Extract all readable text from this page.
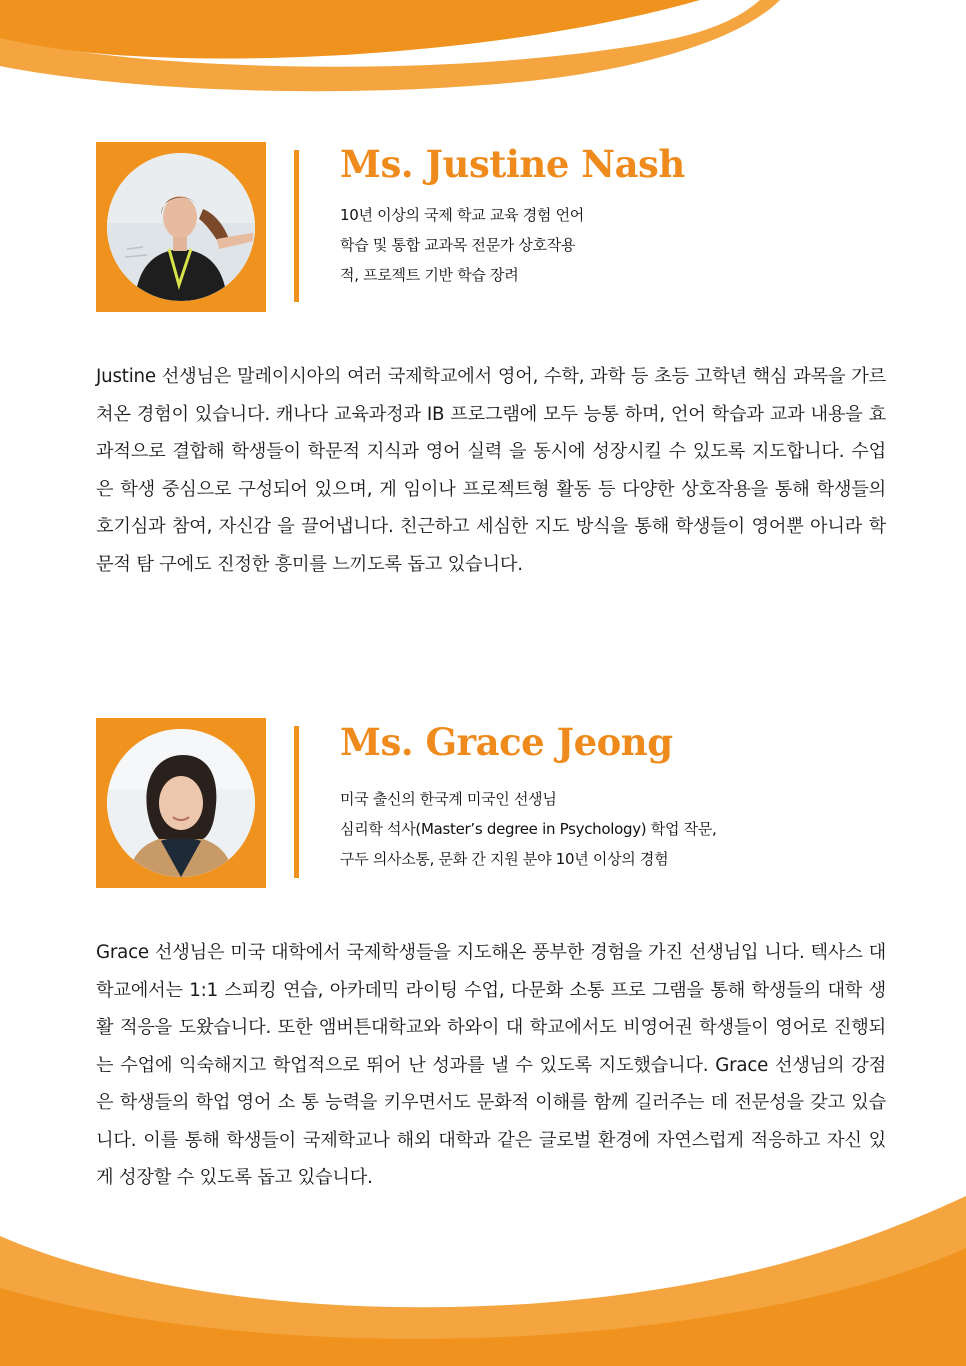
Ms. Justine Nash
10년 이상의 국제 학교 교육 경험 언어
학습 및 통합 교과목 전문가 상호작용
적, 프로젝트 기반 학습 장려

Justine 선생님은 말레이시아의 여러 국제학교에서 영어, 수학, 과학 등 초등 고학년 핵심 과목을 가르쳐온 경험이 있습니다. 캐나다 교육과정과 IB 프로그램에 모두 능통 하며, 언어 학습과 교과 내용을 효과적으로 결합해 학생들이 학문적 지식과 영어 실력 을 동시에 성장시킬 수 있도록 지도합니다. 수업은 학생 중심으로 구성되어 있으며, 게 임이나 프로젝트형 활동 등 다양한 상호작용을 통해 학생들의 호기심과 참여, 자신감 을 끌어냅니다. 친근하고 세심한 지도 방식을 통해 학생들이 영어뿐 아니라 학문적 탐 구에도 진정한 흥미를 느끼도록 돕고 있습니다.

Ms. Grace Jeong
미국 출신의 한국계 미국인 선생님
심리학 석사(Master’s degree in Psychology) 학업 작문,
구두 의사소통, 문화 간 지원 분야 10년 이상의 경험

Grace 선생님은 미국 대학에서 국제학생들을 지도해온 풍부한 경험을 가진 선생님입 니다. 텍사스 대학교에서는 1:1 스피킹 연습, 아카데믹 라이팅 수업, 다문화 소통 프로 그램을 통해 학생들의 대학 생활 적응을 도왔습니다. 또한 앰버튼대학교와 하와이 대 학교에서도 비영어권 학생들이 영어로 진행되는 수업에 익숙해지고 학업적으로 뛰어 난 성과를 낼 수 있도록 지도했습니다. Grace 선생님의 강점은 학생들의 학업 영어 소 통 능력을 키우면서도 문화적 이해를 함께 길러주는 데 전문성을 갖고 있습니다. 이를 통해 학생들이 국제학교나 해외 대학과 같은 글로벌 환경에 자연스럽게 적응하고 자신 있게 성장할 수 있도록 돕고 있습니다.
